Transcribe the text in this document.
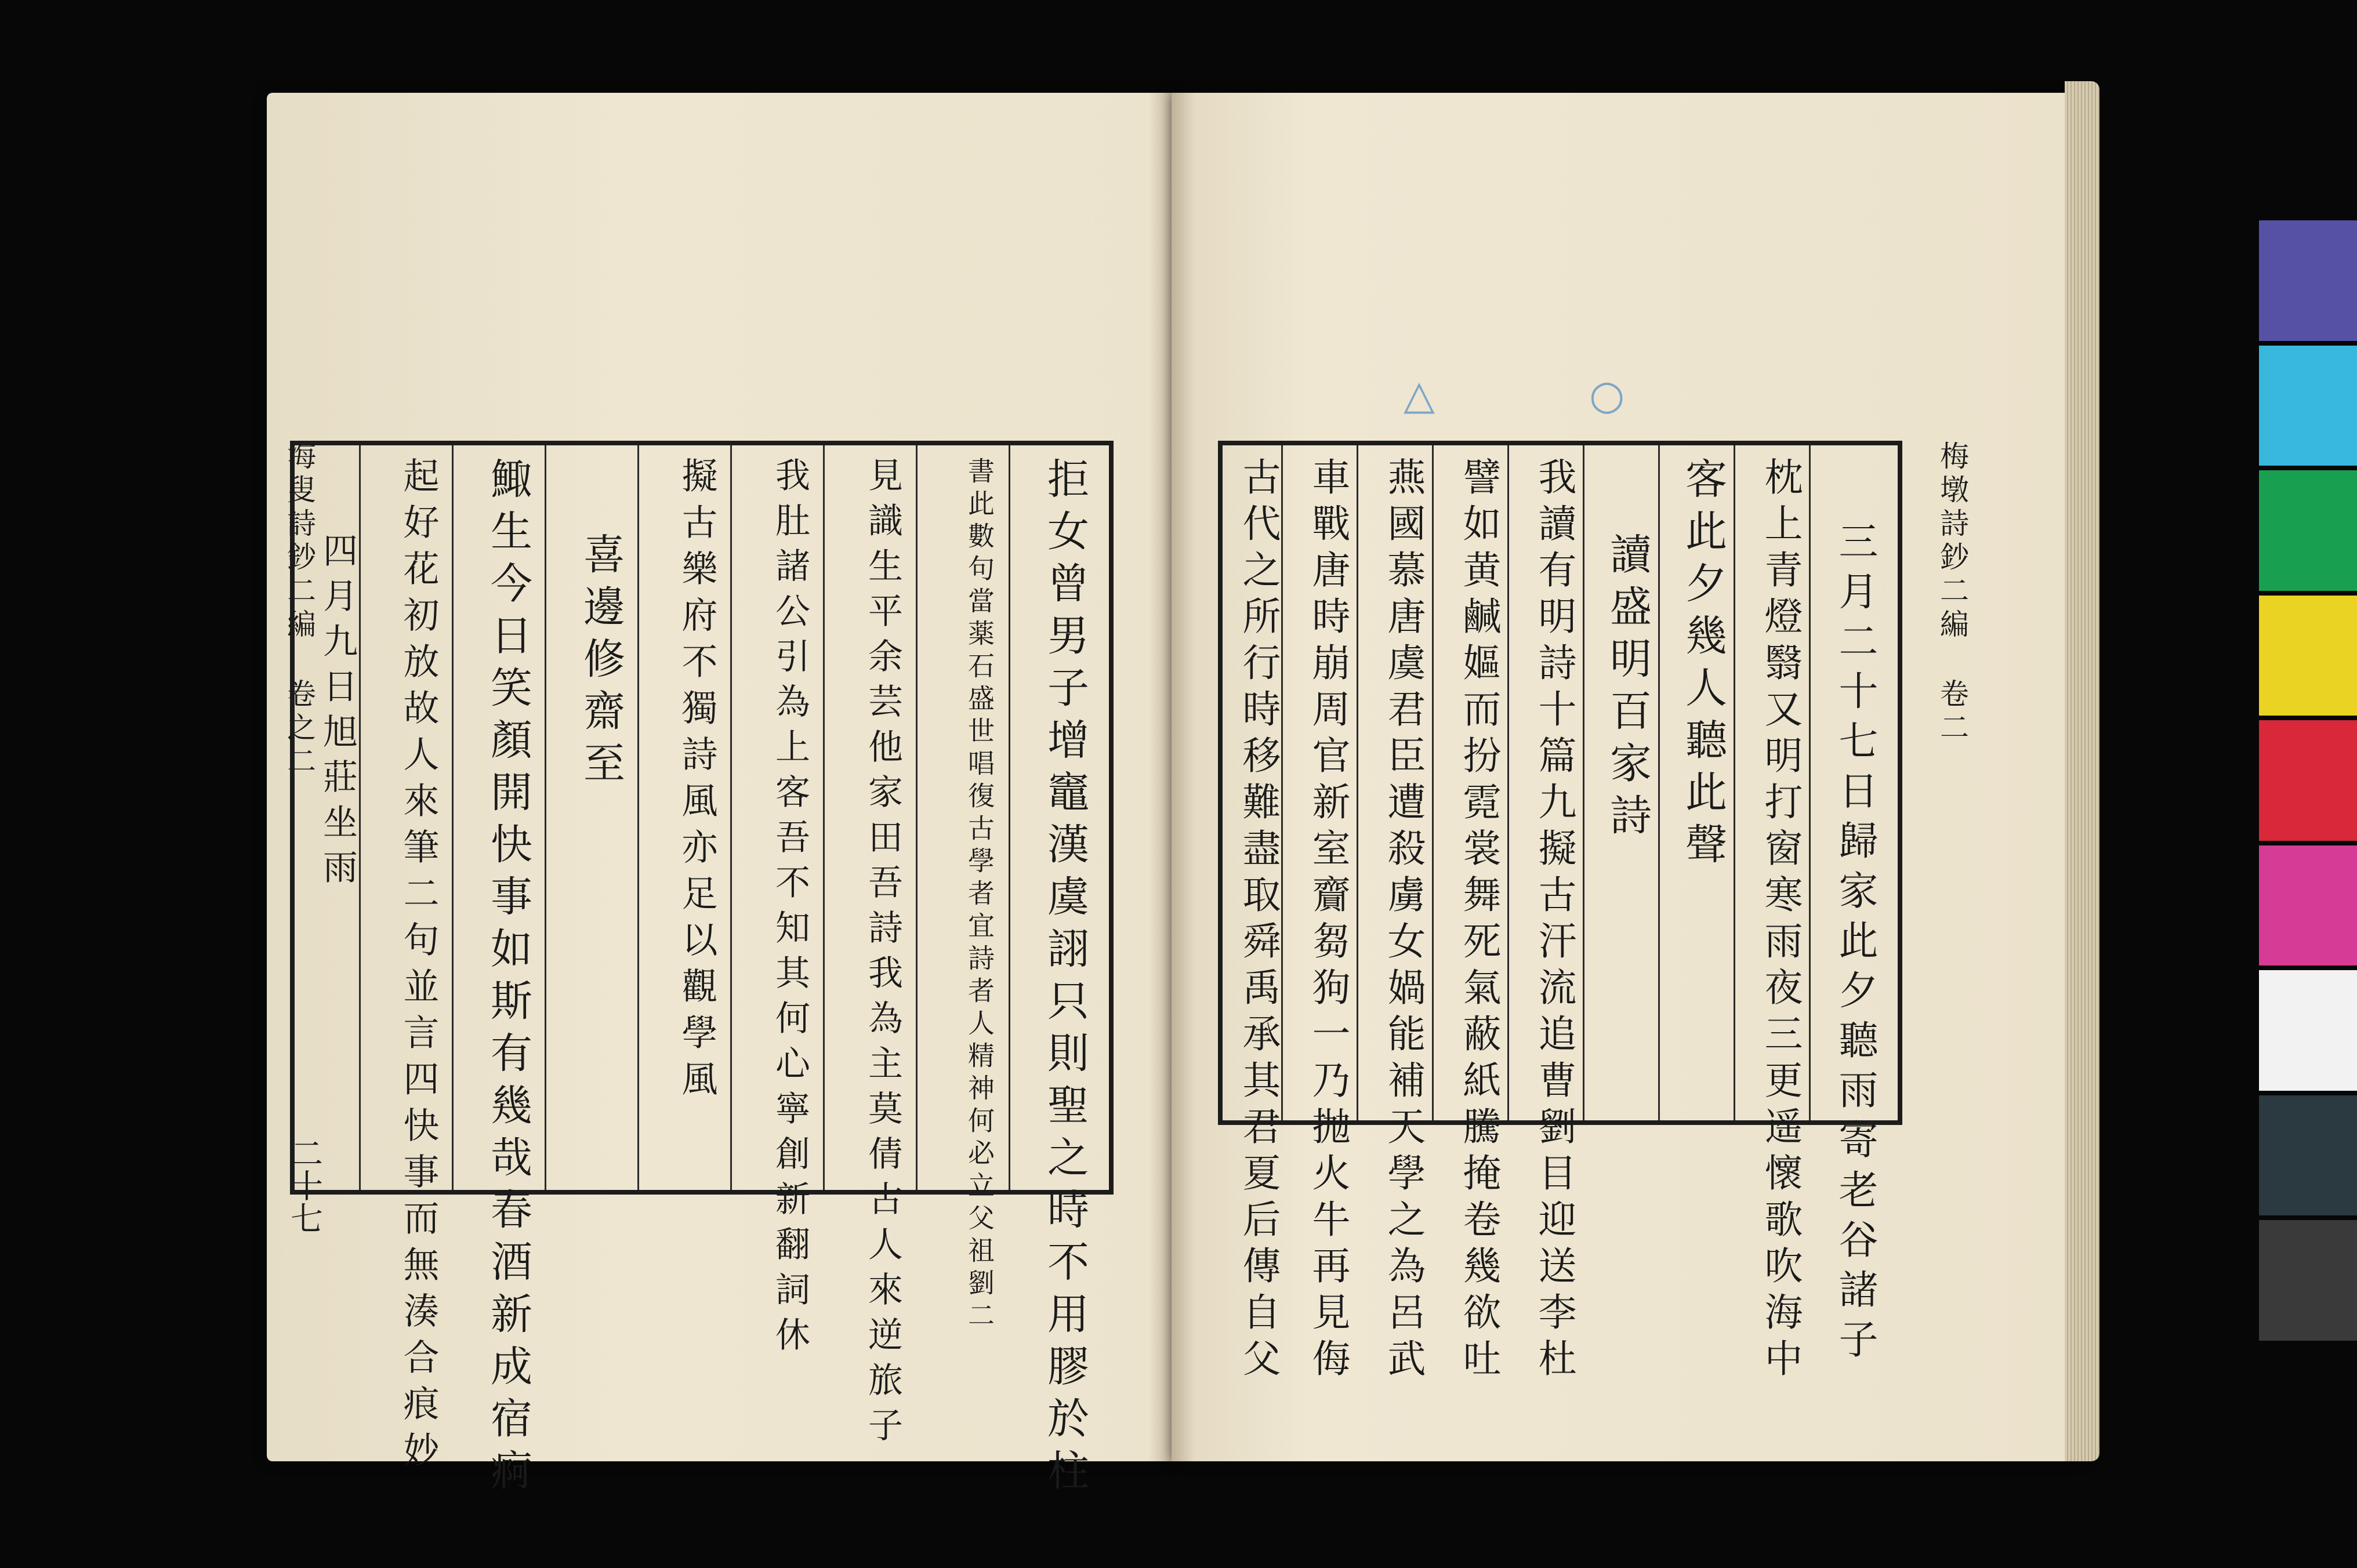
拒女曾男子增竈漢虞詡只則聖之時不用膠於柱
書此數句當薬石盛世唱復古學者宜詩者人精神何必立父祖劉二
見識生平余芸他家田吾詩我為主莫倩古人來逆旅子
我肚諸公引為上客吾不知其何心寧創新翻詞休
擬古樂府不獨詩風亦足以觀學風
喜邊修齋至
鯫生今日笑顏開快事如斯有幾哉春酒新成宿痾
起好花初放故人來筆二句並言四快事而無湊合痕妙
四月九日旭莊坐雨
海叟詩鈔二編
卷之二
二十七
△	○
三月二十七日歸家此夕聽雨寄老谷諸子
枕上青燈翳又明打窗寒雨夜三更遥懷歌吹海中
客此夕幾人聽此聲
讀盛明百家詩
我讀有明詩十篇九擬古汗流追曹劉目迎送李杜
譬如黄鹹嫗而扮霓裳舞死氣蔽紙騰掩卷幾欲吐
燕國慕唐虞君臣遭殺虜女媧能補天學之為呂武
車戰唐時崩周官新室齎芻狗一乃抛火牛再見侮
古代之所行時移難盡取舜禹承其君夏后傳自父	梅墩詩鈔二編
卷二
